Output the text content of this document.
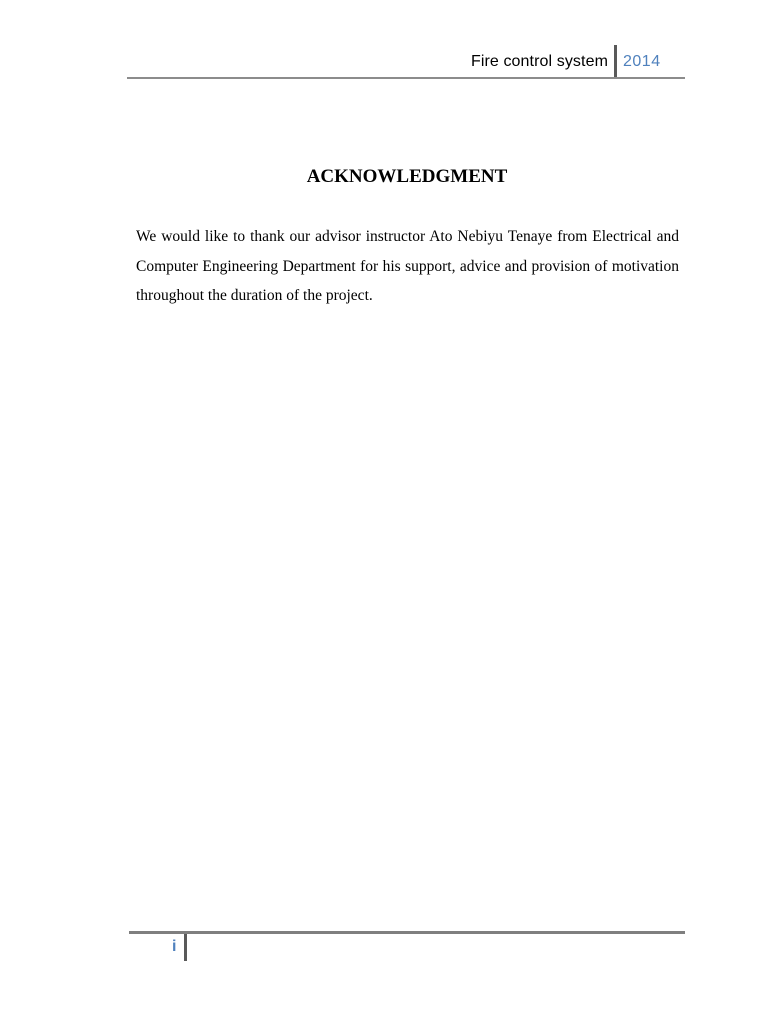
Fire control system 2014
ACKNOWLEDGMENT

We would like to thank our advisor instructor Ato Nebiyu Tenaye from Electrical and Computer Engineering Department for his support, advice and provision of motivation throughout the duration of the project.

i
